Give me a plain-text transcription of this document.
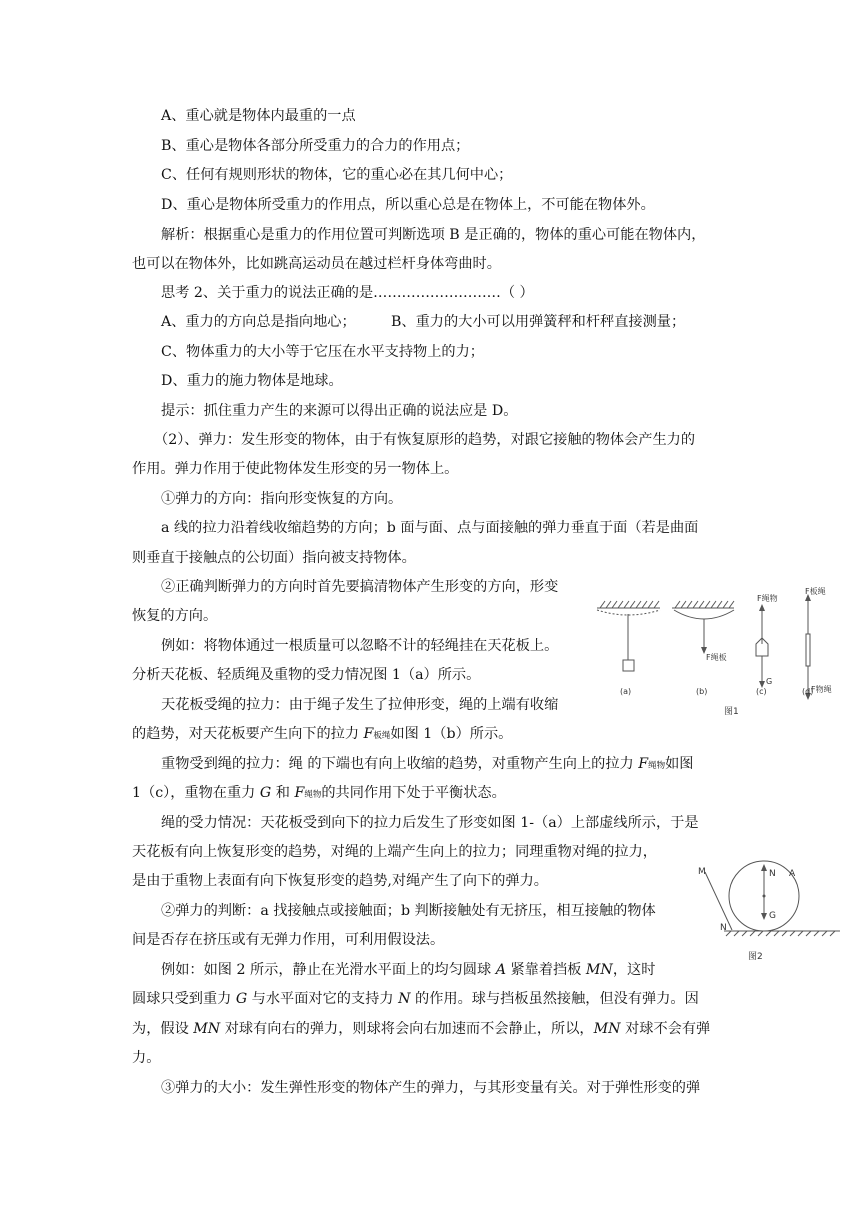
A、重心就是物体内最重的一点
B、重心是物体各部分所受重力的合力的作用点；
C、任何有规则形状的物体，它的重心必在其几何中心；
D、重心是物体所受重力的作用点，所以重心总是在物体上，不可能在物体外。
解析：根据重心是重力的作用位置可判断选项 B 是正确的，物体的重心可能在物体内，
也可以在物体外，比如跳高运动员在越过栏杆身体弯曲时。
思考 2、关于重力的说法正确的是………………………（ ）
A、重力的方向总是指向地心； B、重力的大小可以用弹簧秤和杆秤直接测量；
C、物体重力的大小等于它压在水平支持物上的力；
D、重力的施力物体是地球。
提示：抓住重力产生的来源可以得出正确的说法应是 D。
（2）、弹力：发生形变的物体，由于有恢复原形的趋势，对跟它接触的物体会产生力的
作用。弹力作用于使此物体发生形变的另一物体上。
①弹力的方向：指向形变恢复的方向。
a 线的拉力沿着线收缩趋势的方向；b 面与面、点与面接触的弹力垂直于面（若是曲面
则垂直于接触点的公切面）指向被支持物体。
②正确判断弹力的方向时首先要搞清物体产生形变的方向，形变
恢复的方向。
例如：将物体通过一根质量可以忽略不计的轻绳挂在天花板上。
分析天花板、轻质绳及重物的受力情况图 1（a）所示。
天花板受绳的拉力：由于绳子发生了拉伸形变，绳的上端有收缩
的趋势，对天花板要产生向下的拉力 F板绳如图 1（b）所示。
重物受到绳的拉力：绳 的下端也有向上收缩的趋势，对重物产生向上的拉力 F绳物如图
1（c），重物在重力 G 和 F绳物的共同作用下处于平衡状态。
绳的受力情况：天花板受到向下的拉力后发生了形变如图 1-（a）上部虚线所示，于是
天花板有向上恢复形变的趋势，对绳的上端产生向上的拉力；同理重物对绳的拉力，
是由于重物上表面有向下恢复形变的趋势,对绳产生了向下的弹力。
②弹力的判断：a 找接触点或接触面；b 判断接触处有无挤压，相互接触的物体
间是否存在挤压或有无弹力作用，可利用假设法。
例如：如图 2 所示，静止在光滑水平面上的均匀圆球 A 紧靠着挡板 MN，这时
圆球只受到重力 G 与水平面对它的支持力 N 的作用。球与挡板虽然接触，但没有弹力。因
为，假设 MN 对球有向右的弹力，则球将会向右加速而不会静止，所以，MN 对球不会有弹
力。
③弹力的大小：发生弹性形变的物体产生的弹力，与其形变量有关。对于弹性形变的弹
(a)	(b)	(c)	(d)
F绳物
F板绳
F绳板
G
F物绳
图1
M
N
N A
G
图2
